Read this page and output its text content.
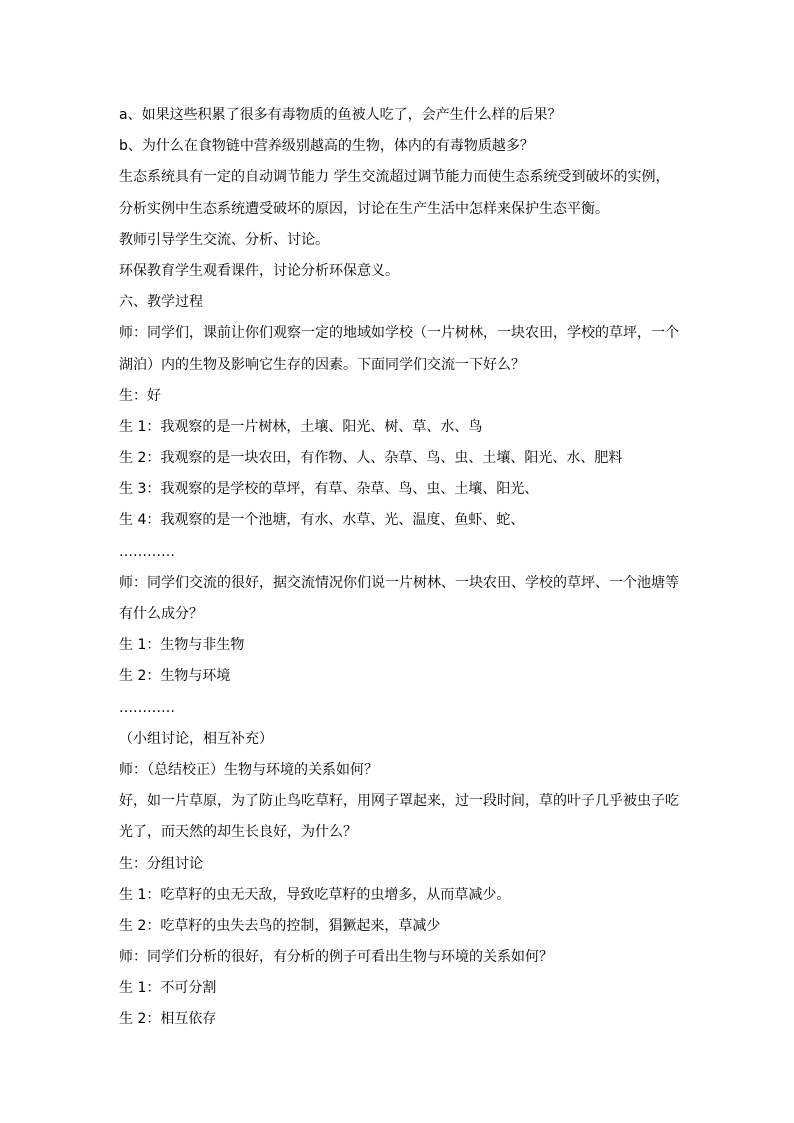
a、如果这些积累了很多有毒物质的鱼被人吃了，会产生什么样的后果？
b、为什么在食物链中营养级别越高的生物，体内的有毒物质越多？
生态系统具有一定的自动调节能力 学生交流超过调节能力而使生态系统受到破坏的实例，
分析实例中生态系统遭受破坏的原因，讨论在生产生活中怎样来保护生态平衡。
教师引导学生交流、分析、讨论。
环保教育学生观看课件，讨论分析环保意义。
六、教学过程
师：同学们，课前让你们观察一定的地域如学校（一片树林，一块农田，学校的草坪，一个
湖泊）内的生物及影响它生存的因素。下面同学们交流一下好么？
生：好
生 1：我观察的是一片树林，土壤、阳光、树、草、水、鸟
生 2：我观察的是一块农田，有作物、人、杂草、鸟、虫、土壤、阳光、水、肥料
生 3：我观察的是学校的草坪，有草、杂草、鸟、虫、土壤、阳光、
生 4：我观察的是一个池塘，有水、水草、光、温度、鱼虾、蛇、
…………
师：同学们交流的很好，据交流情况你们说一片树林、一块农田、学校的草坪、一个池塘等
有什么成分？
生 1：生物与非生物
生 2：生物与环境
…………
（小组讨论，相互补充）
师：（总结校正）生物与环境的关系如何？
好，如一片草原，为了防止鸟吃草籽，用网子罩起来，过一段时间，草的叶子几乎被虫子吃
光了，而天然的却生长良好，为什么？
生：分组讨论
生 1：吃草籽的虫无天敌，导致吃草籽的虫增多，从而草减少。
生 2：吃草籽的虫失去鸟的控制，猖獗起来，草减少
师：同学们分析的很好，有分析的例子可看出生物与环境的关系如何？
生 1：不可分割
生 2：相互依存
